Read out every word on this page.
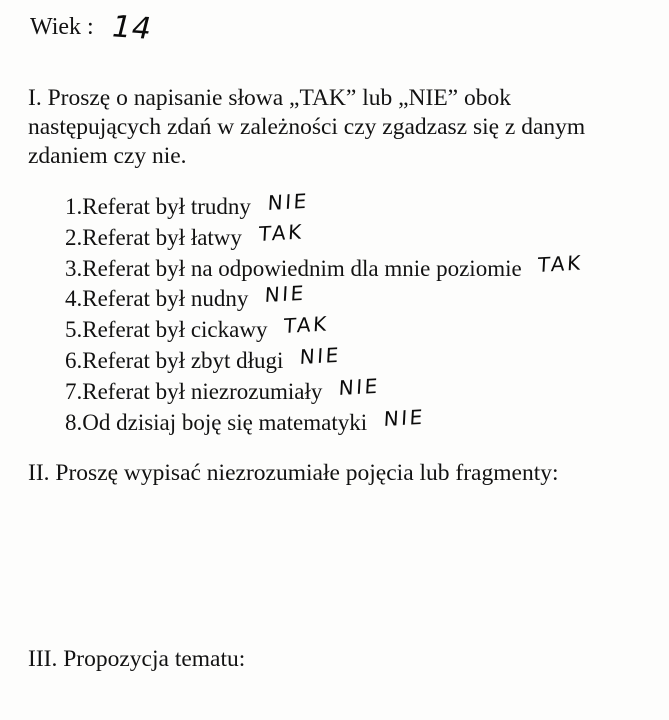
Wiek : 14
I. Proszę o napisanie słowa „TAK” lub „NIE” obok następujących zdań w zależności czy zgadzasz się z danym zdaniem czy nie.
1.Referat był trudny NIE
2.Referat był łatwy TAK
3.Referat był na odpowiednim dla mnie poziomie TAK
4.Referat był nudny NIE
5.Referat był cickawy TAK
6.Referat był zbyt długi NIE
7.Referat był niezrozumiały NIE
8.Od dzisiaj boję się matematyki NIE
II. Proszę wypisać niezrozumiałe pojęcia lub fragmenty:
III. Propozycja tematu:
